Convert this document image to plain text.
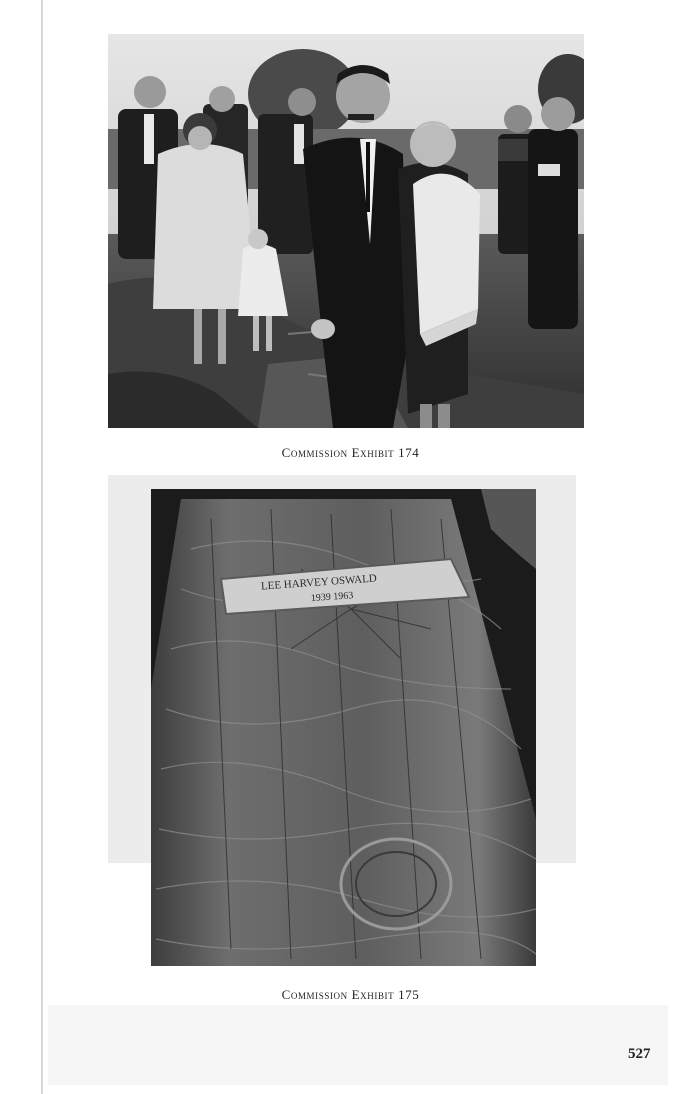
Commission Exhibit 174
LEE HARVEY OSWALD
1939 1963
Commission Exhibit 175
527
